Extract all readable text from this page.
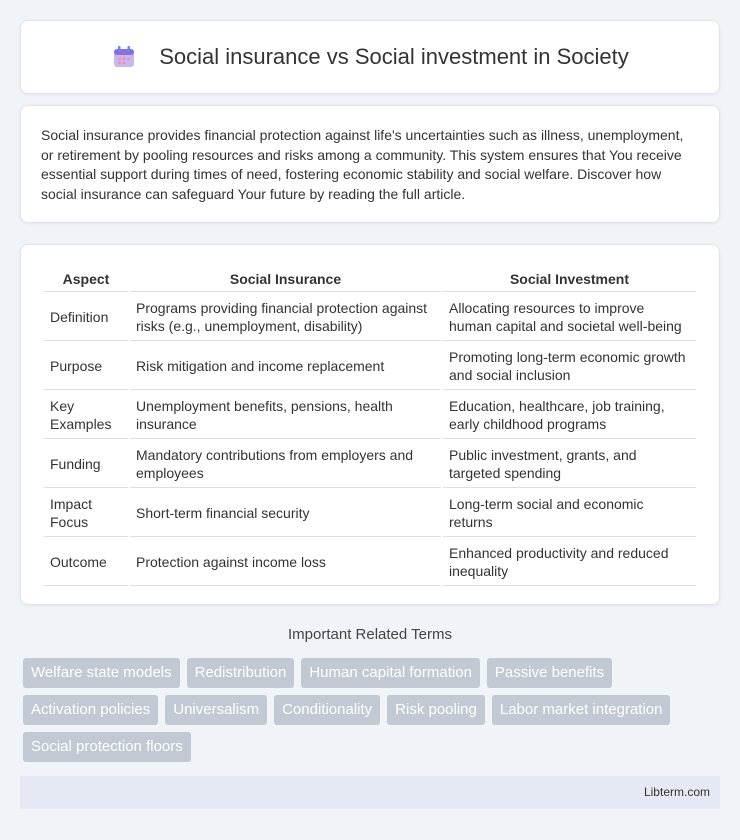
Social insurance vs Social investment in Society

Social insurance provides financial protection against life's uncertainties such as illness, unemployment, or retirement by pooling resources and risks among a community. This system ensures that You receive essential support during times of need, fostering economic stability and social welfare. Discover how social insurance can safeguard Your future by reading the full article.

Aspect	Social Insurance	Social Investment
Definition	Programs providing financial protection against risks (e.g., unemployment, disability)	Allocating resources to improve human capital and societal well-being
Purpose	Risk mitigation and income replacement	Promoting long-term economic growth and social inclusion
Key Examples	Unemployment benefits, pensions, health insurance	Education, healthcare, job training, early childhood programs
Funding	Mandatory contributions from employers and employees	Public investment, grants, and targeted spending
Impact Focus	Short-term financial security	Long-term social and economic returns
Outcome	Protection against income loss	Enhanced productivity and reduced inequality
Important Related Terms
Welfare state models	Redistribution	Human capital formation	Passive benefits
Activation policies	Universalism	Conditionality	Risk pooling	Labor market integration
Social protection floors
Libterm.com
